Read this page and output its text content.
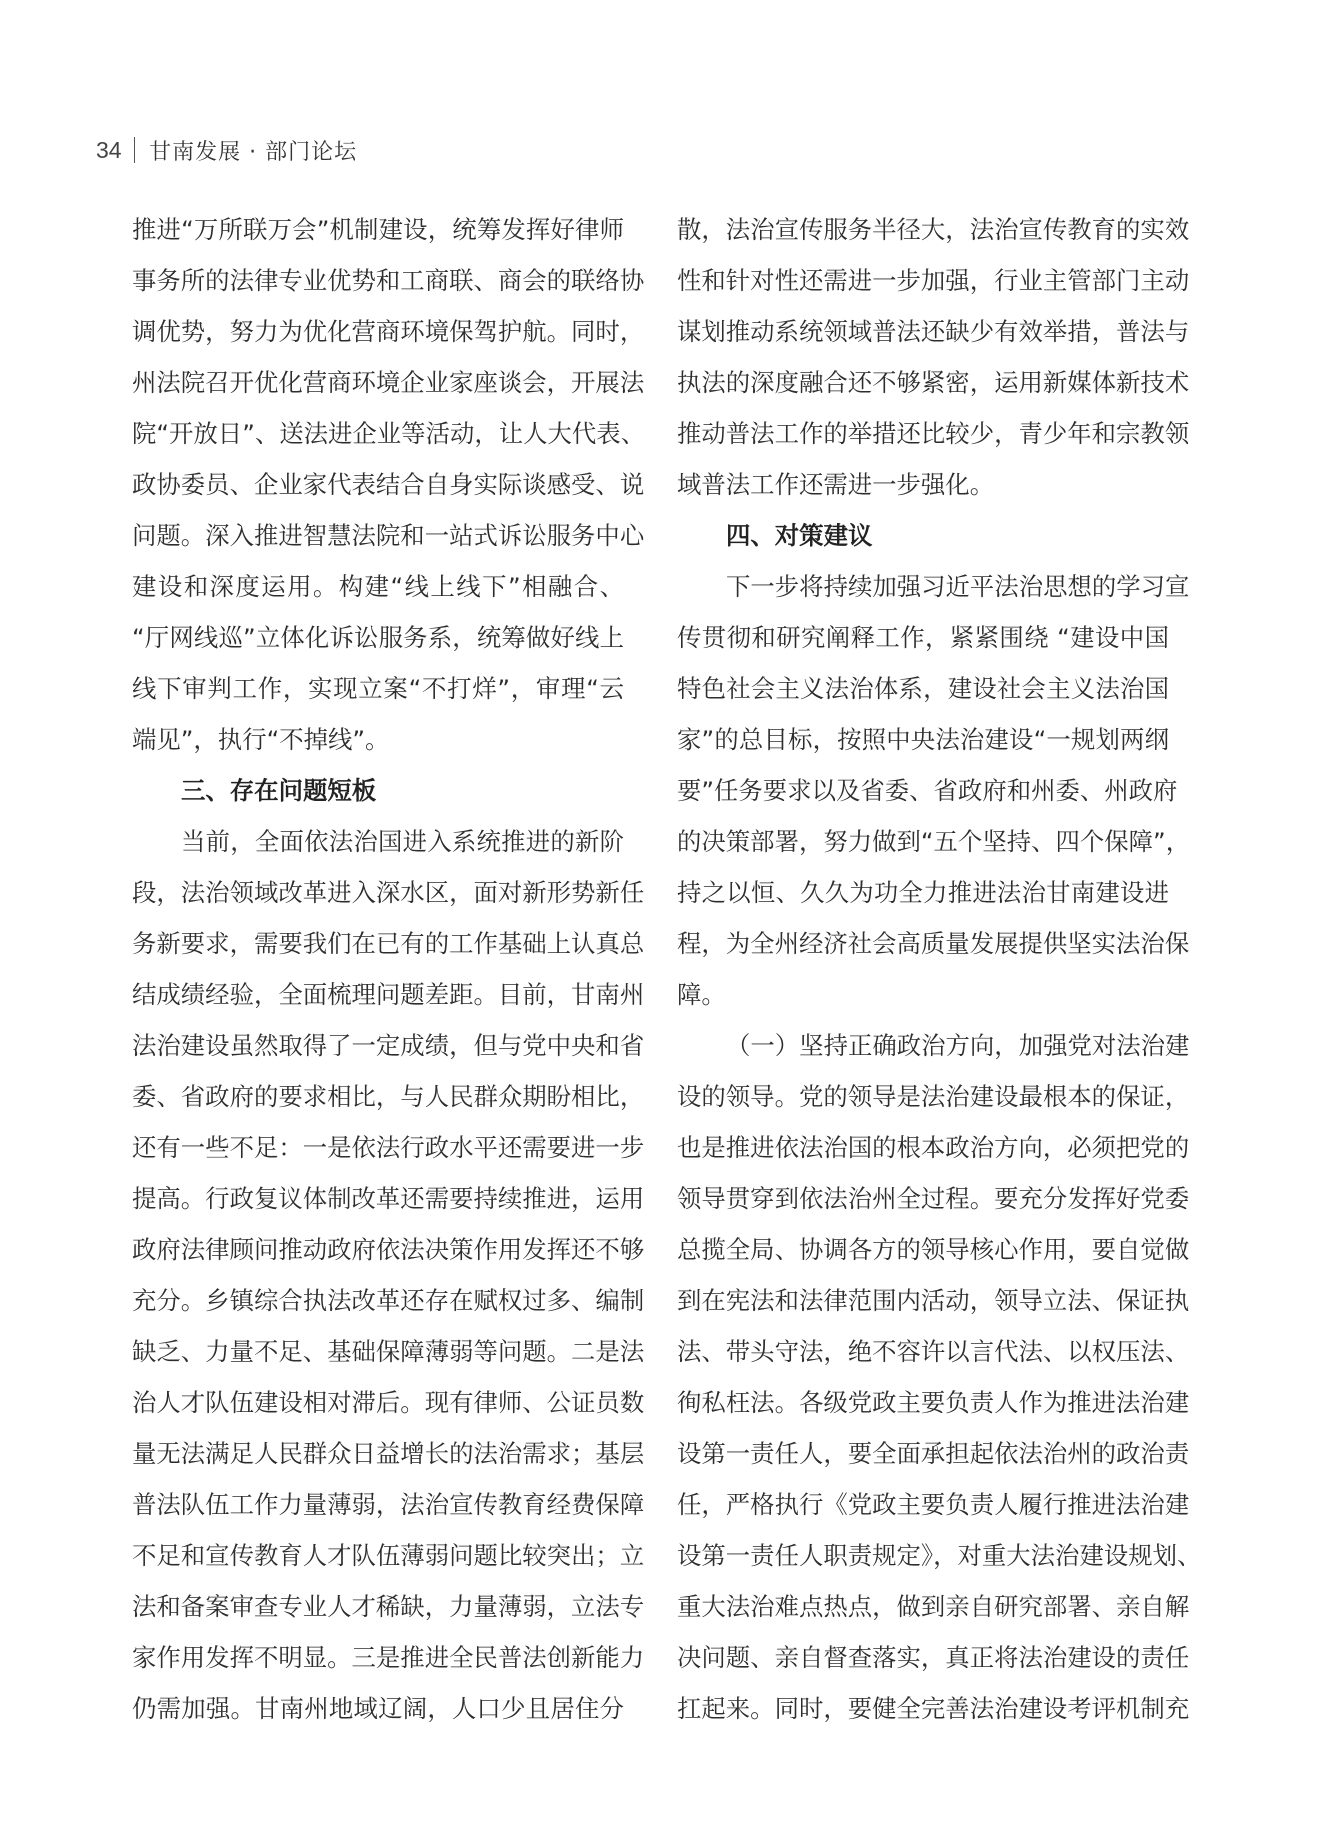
34 甘南发展 · 部门论坛
推进“万所联万会”机制建设，统筹发挥好律师
事务所的法律专业优势和工商联、商会的联络协
调优势，努力为优化营商环境保驾护航。同时，
州法院召开优化营商环境企业家座谈会，开展法
院“开放日”、送法进企业等活动，让人大代表、
政协委员、企业家代表结合自身实际谈感受、说
问题。深入推进智慧法院和一站式诉讼服务中心
建设和深度运用。构建“线上线下”相融合、
“厅网线巡”立体化诉讼服务系，统筹做好线上
线下审判工作，实现立案“不打烊”，审理“云
端见”，执行“不掉线”。
三、存在问题短板
当前，全面依法治国进入系统推进的新阶
段，法治领域改革进入深水区，面对新形势新任
务新要求，需要我们在已有的工作基础上认真总
结成绩经验，全面梳理问题差距。目前，甘南州
法治建设虽然取得了一定成绩，但与党中央和省
委、省政府的要求相比，与人民群众期盼相比，
还有一些不足：一是依法行政水平还需要进一步
提高。行政复议体制改革还需要持续推进，运用
政府法律顾问推动政府依法决策作用发挥还不够
充分。乡镇综合执法改革还存在赋权过多、编制
缺乏、力量不足、基础保障薄弱等问题。二是法
治人才队伍建设相对滞后。现有律师、公证员数
量无法满足人民群众日益增长的法治需求；基层
普法队伍工作力量薄弱，法治宣传教育经费保障
不足和宣传教育人才队伍薄弱问题比较突出；立
法和备案审查专业人才稀缺，力量薄弱，立法专
家作用发挥不明显。三是推进全民普法创新能力
仍需加强。甘南州地域辽阔，人口少且居住分
散，法治宣传服务半径大，法治宣传教育的实效
性和针对性还需进一步加强，行业主管部门主动
谋划推动系统领域普法还缺少有效举措，普法与
执法的深度融合还不够紧密，运用新媒体新技术
推动普法工作的举措还比较少，青少年和宗教领
域普法工作还需进一步强化。
四、对策建议
下一步将持续加强习近平法治思想的学习宣
传贯彻和研究阐释工作，紧紧围绕 “建设中国
特色社会主义法治体系，建设社会主义法治国
家”的总目标，按照中央法治建设“一规划两纲
要”任务要求以及省委、省政府和州委、州政府
的决策部署，努力做到“五个坚持、四个保障”，
持之以恒、久久为功全力推进法治甘南建设进
程，为全州经济社会高质量发展提供坚实法治保
障。
（一）坚持正确政治方向，加强党对法治建
设的领导。党的领导是法治建设最根本的保证，
也是推进依法治国的根本政治方向，必须把党的
领导贯穿到依法治州全过程。要充分发挥好党委
总揽全局、协调各方的领导核心作用，要自觉做
到在宪法和法律范围内活动，领导立法、保证执
法、带头守法，绝不容许以言代法、以权压法、
徇私枉法。各级党政主要负责人作为推进法治建
设第一责任人，要全面承担起依法治州的政治责
任，严格执行《党政主要负责人履行推进法治建
设第一责任人职责规定》，对重大法治建设规划、
重大法治难点热点，做到亲自研究部署、亲自解
决问题、亲自督查落实，真正将法治建设的责任
扛起来。同时，要健全完善法治建设考评机制充
